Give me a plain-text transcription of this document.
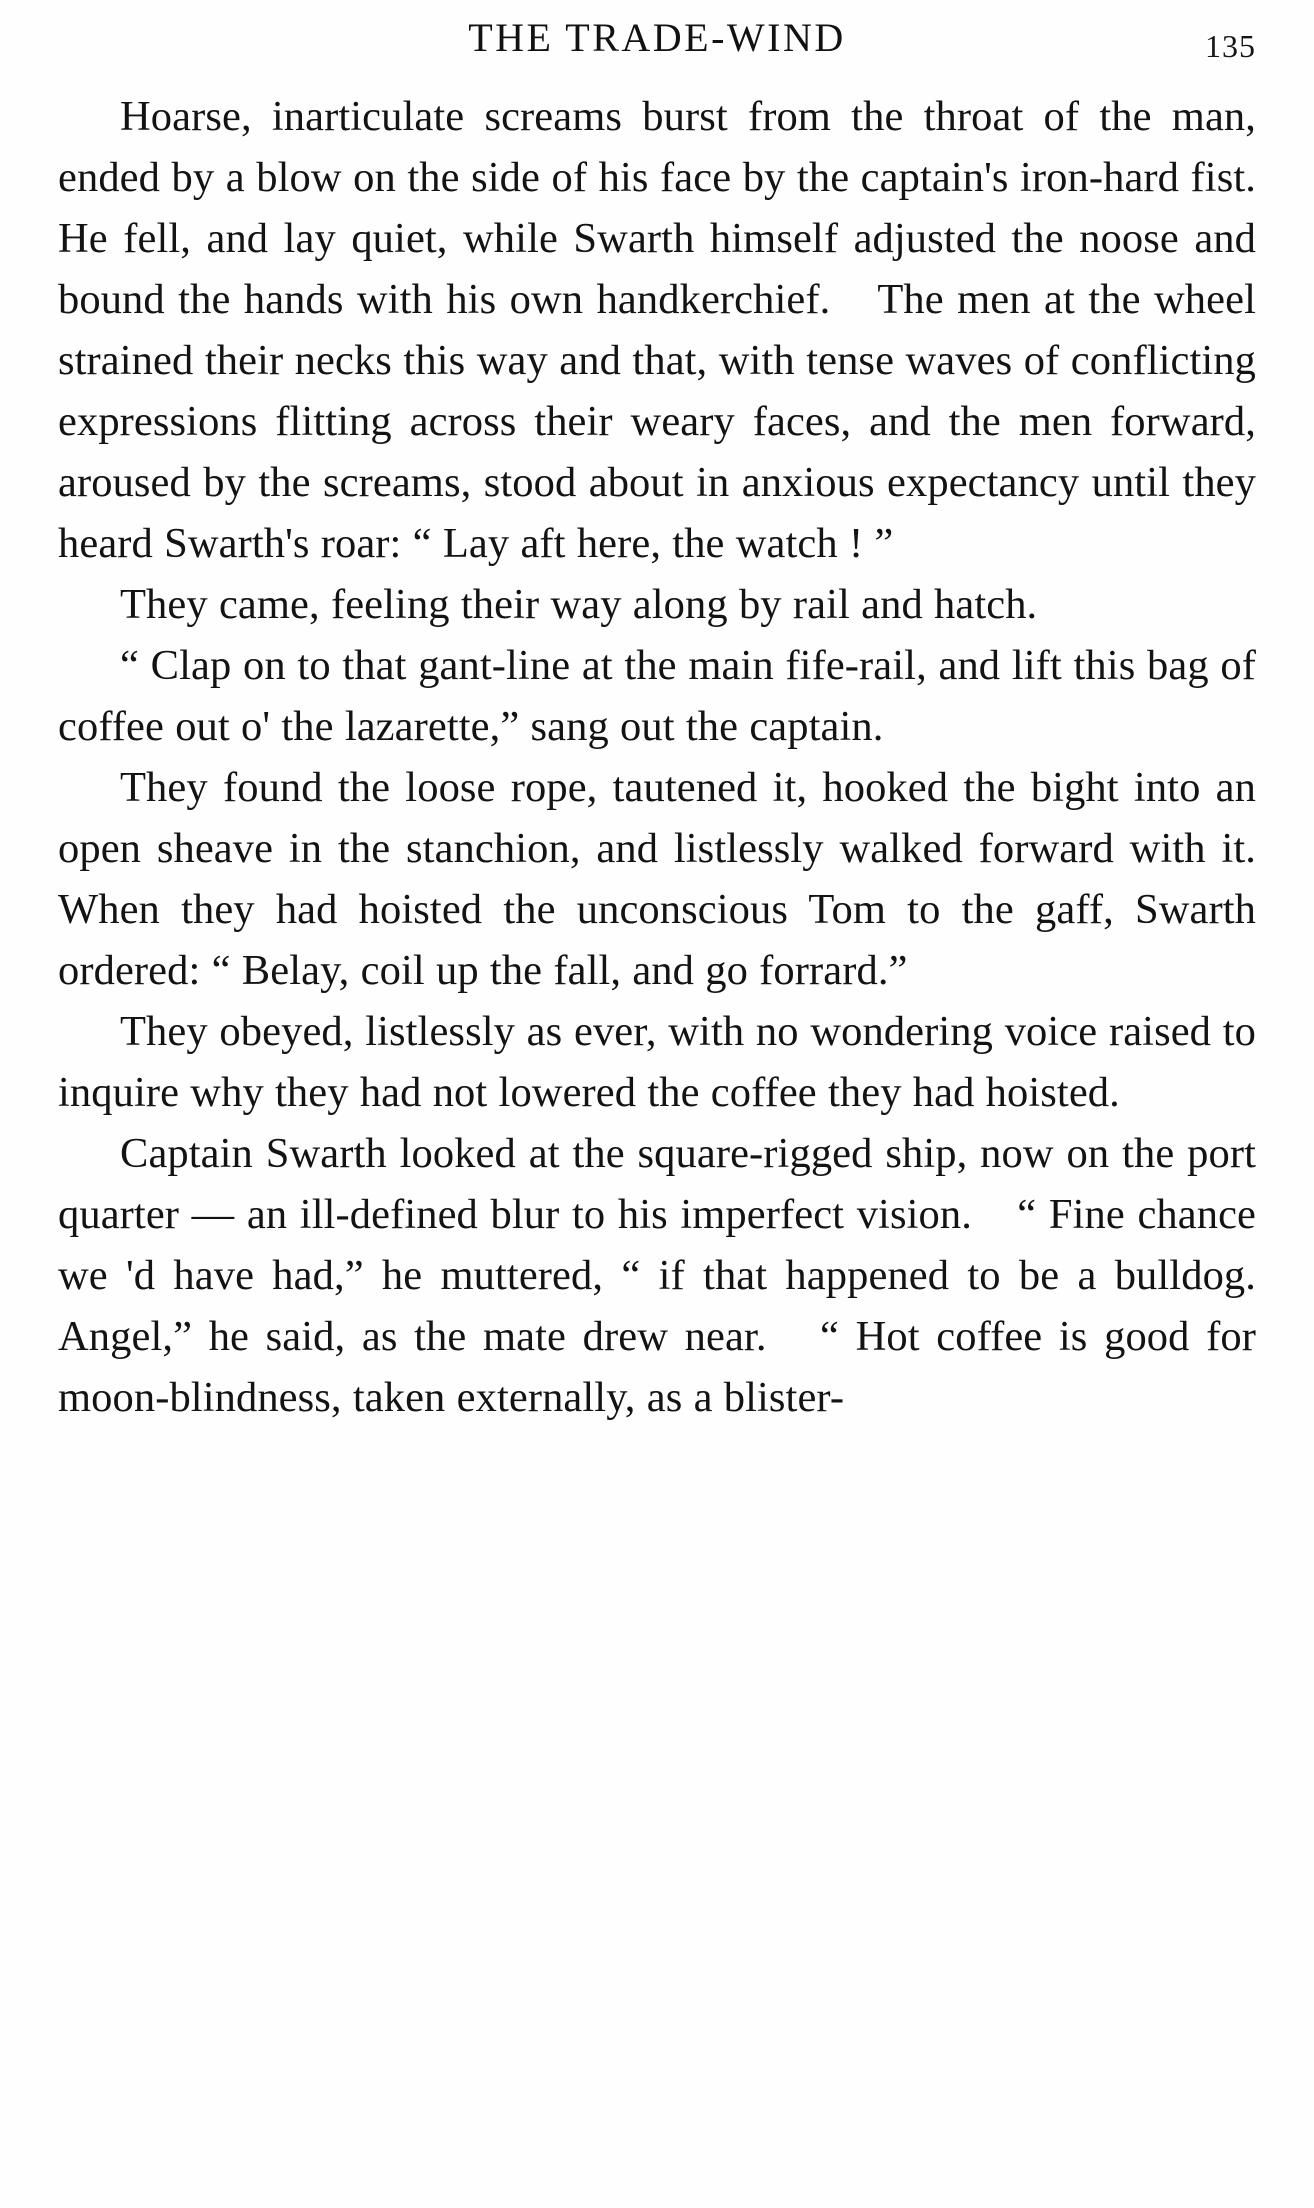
THE TRADE-WIND	135

Hoarse, inarticulate screams burst from the throat of the man, ended by a blow on the side of his face by the captain's iron-hard fist. He fell, and lay quiet, while Swarth himself adjusted the noose and bound the hands with his own handkerchief.　The men at the wheel strained their necks this way and that, with tense waves of conflicting expressions flitting across their weary faces, and the men forward, aroused by the screams, stood about in anxious expectancy until they heard Swarth's roar: “ Lay aft here, the watch ! ”

They came, feeling their way along by rail and hatch.

“ Clap on to that gant-line at the main fife-rail, and lift this bag of coffee out o' the lazarette,” sang out the captain.

They found the loose rope, tautened it, hooked the bight into an open sheave in the stanchion, and listlessly walked forward with it.　When they had hoisted the unconscious Tom to the gaff, Swarth ordered: “ Belay, coil up the fall, and go forrard.”

They obeyed, listlessly as ever, with no wondering voice raised to inquire why they had not lowered the coffee they had hoisted.

Captain Swarth looked at the square-rigged ship, now on the port quarter — an ill-defined blur to his imperfect vision.　“ Fine chance we 'd have had,” he muttered, “ if that happened to be a bulldog.　Angel,” he said, as the mate drew near.　“ Hot coffee is good for moon-blindness, taken externally, as a blister-
